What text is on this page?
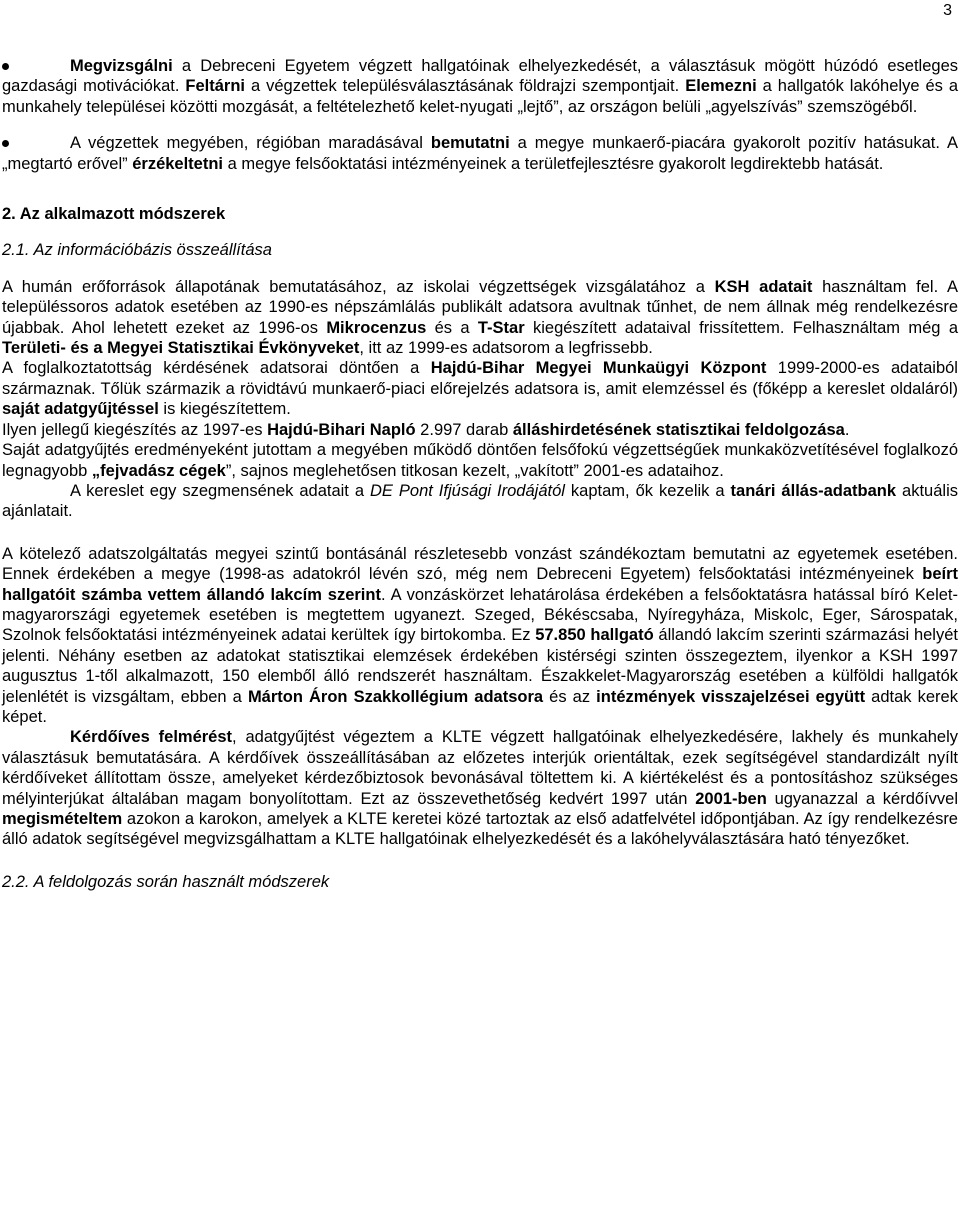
3

Megvizsgálni a Debreceni Egyetem végzett hallgatóinak elhelyezkedését, a választásuk mögött húzódó esetleges gazdasági motivációkat. Feltárni a végzettek településválasztásának földrajzi szempontjait. Elemezni a hallgatók lakóhelye és a munkahely települései közötti mozgását, a feltételezhető kelet-nyugati „lejtő”, az országon belüli „agyelszívás” szemszögéből.

A végzettek megyében, régióban maradásával bemutatni a megye munkaerő-piacára gyakorolt pozitív hatásukat. A „megtartó erővel” érzékeltetni a megye felsőoktatási intézményeinek a területfejlesztésre gyakorolt legdirektebb hatását.

2. Az alkalmazott módszerek

2.1. Az információbázis összeállítása

A humán erőforrások állapotának bemutatásához, az iskolai végzettségek vizsgálatához a KSH adatait használtam fel. A településsoros adatok esetében az 1990-es népszámlálás publikált adatsora avultnak tűnhet, de nem állnak még rendelkezésre újabbak. Ahol lehetett ezeket az 1996-os Mikrocenzus és a T-Star kiegészített adataival frissítettem. Felhasználtam még a Területi- és a Megyei Statisztikai Évkönyveket, itt az 1999-es adatsorom a legfrissebb.

A foglalkoztatottság kérdésének adatsorai döntően a Hajdú-Bihar Megyei Munkaügyi Központ 1999-2000-es adataiból származnak. Tőlük származik a rövidtávú munkaerő-piaci előrejelzés adatsora is, amit elemzéssel és (főképp a kereslet oldaláról) saját adatgyűjtéssel is kiegészítettem.

Ilyen jellegű kiegészítés az 1997-es Hajdú-Bihari Napló 2.997 darab álláshirdetésének statisztikai feldolgozása.

Saját adatgyűjtés eredményeként jutottam a megyében működő döntően felsőfokú végzettségűek munkaközvetítésével foglalkozó legnagyobb „fejvadász cégek”, sajnos meglehetősen titkosan kezelt, „vakított” 2001-es adataihoz.

A kereslet egy szegmensének adatait a DE Pont Ifjúsági Irodájától kaptam, ők kezelik a tanári állás-adatbank aktuális ajánlatait.

A kötelező adatszolgáltatás megyei szintű bontásánál részletesebb vonzást szándékoztam bemutatni az egyetemek esetében. Ennek érdekében a megye (1998-as adatokról lévén szó, még nem Debreceni Egyetem) felsőoktatási intézményeinek beírt hallgatóit számba vettem állandó lakcím szerint. A vonzáskörzet lehatárolása érdekében a felsőoktatásra hatással bíró Kelet-magyarországi egyetemek esetében is megtettem ugyanezt. Szeged, Békéscsaba, Nyíregyháza, Miskolc, Eger, Sárospatak, Szolnok felsőoktatási intézményeinek adatai kerültek így birtokomba. Ez 57.850 hallgató állandó lakcím szerinti származási helyét jelenti. Néhány esetben az adatokat statisztikai elemzések érdekében kistérségi szinten összegeztem, ilyenkor a KSH 1997 augusztus 1-től alkalmazott, 150 elemből álló rendszerét használtam. Északkelet-Magyarország esetében a külföldi hallgatók jelenlétét is vizsgáltam, ebben a Márton Áron Szakkollégium adatsora és az intézmények visszajelzései együtt adtak kerek képet.

Kérdőíves felmérést, adatgyűjtést végeztem a KLTE végzett hallgatóinak elhelyezkedésére, lakhely és munkahely választásuk bemutatására. A kérdőívek összeállításában az előzetes interjúk orientáltak, ezek segítségével standardizált nyílt kérdőíveket állítottam össze, amelyeket kérdezőbiztosok bevonásával töltettem ki. A kiértékelést és a pontosításhoz szükséges mélyinterjúkat általában magam bonyolítottam. Ezt az összevethetőség kedvért 1997 után 2001-ben ugyanazzal a kérdőívvel megismételtem azokon a karokon, amelyek a KLTE keretei közé tartoztak az első adatfelvétel időpontjában. Az így rendelkezésre álló adatok segítségével megvizsgálhattam a KLTE hallgatóinak elhelyezkedését és a lakóhelyválasztására ható tényezőket.

2.2. A feldolgozás során használt módszerek
